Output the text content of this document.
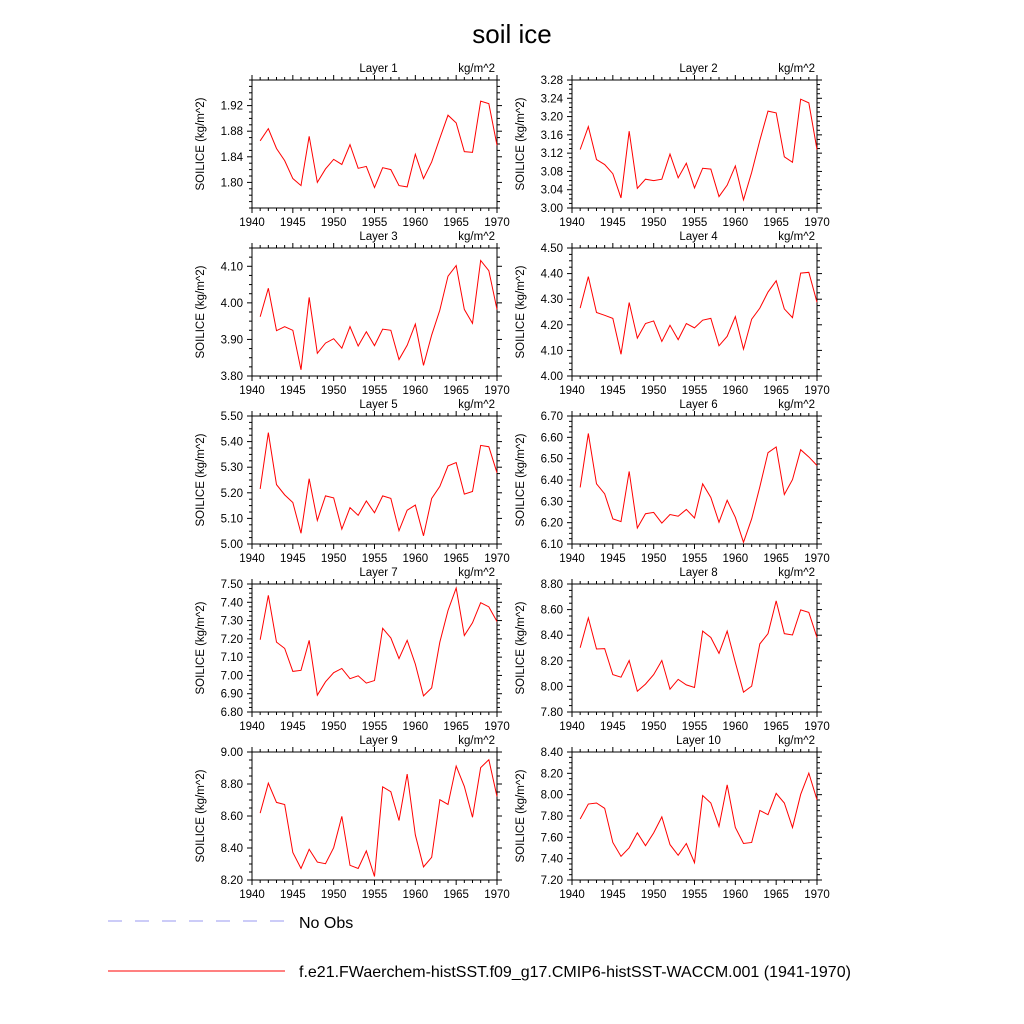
soil ice
Layer 1	kg/m^2
SOILICE (kg/m^2) 1.80
1.84
1.88
1.92
1940 1945 1950 1955 1960 1965 1970
Layer 2	kg/m^2
SOILICE (kg/m^2)
3.00
3.04
3.08
3.12
3.16
3.20
3.24
3.28
1940 1945 1950 1955 1960 1965 1970
Layer 3	kg/m^2
SOILICE (kg/m^2)
3.80
3.90
4.00
4.10
1940 1945 1950 1955 1960 1965 1970
Layer 4	kg/m^2
SOILICE (kg/m^2)
4.00
4.10
4.20
4.30
4.40
4.50
1940 1945 1950 1955 1960 1965 1970
Layer 5	kg/m^2
SOILICE (kg/m^2)
5.00
5.10
5.20
5.30
5.40
5.50
1940 1945 1950 1955 1960 1965 1970
Layer 6	kg/m^2
SOILICE (kg/m^2)
6.10
6.20
6.30
6.40
6.50
6.60
6.70
1940 1945 1950 1955 1960 1965 1970
Layer 7	kg/m^2
SOILICE (kg/m^2)
6.80
6.90
7.00
7.10
7.20
7.30
7.40
7.50
1940 1945 1950 1955 1960 1965 1970
Layer 8	kg/m^2
SOILICE (kg/m^2)
7.80
8.00
8.20
8.40
8.60
8.80
1940 1945 1950 1955 1960 1965 1970
Layer 9	kg/m^2
SOILICE (kg/m^2)
8.20
8.40
8.60
8.80
9.00
1940 1945 1950 1955 1960 1965 1970
Layer 10	kg/m^2
SOILICE (kg/m^2)
7.20
7.40
7.60
7.80
8.00
8.20
8.40
1940 1945 1950 1955 1960 1965 1970
No Obs
f.e21.FWaerchem-histSST.f09_g17.CMIP6-histSST-WACCM.001 (1941-1970)
